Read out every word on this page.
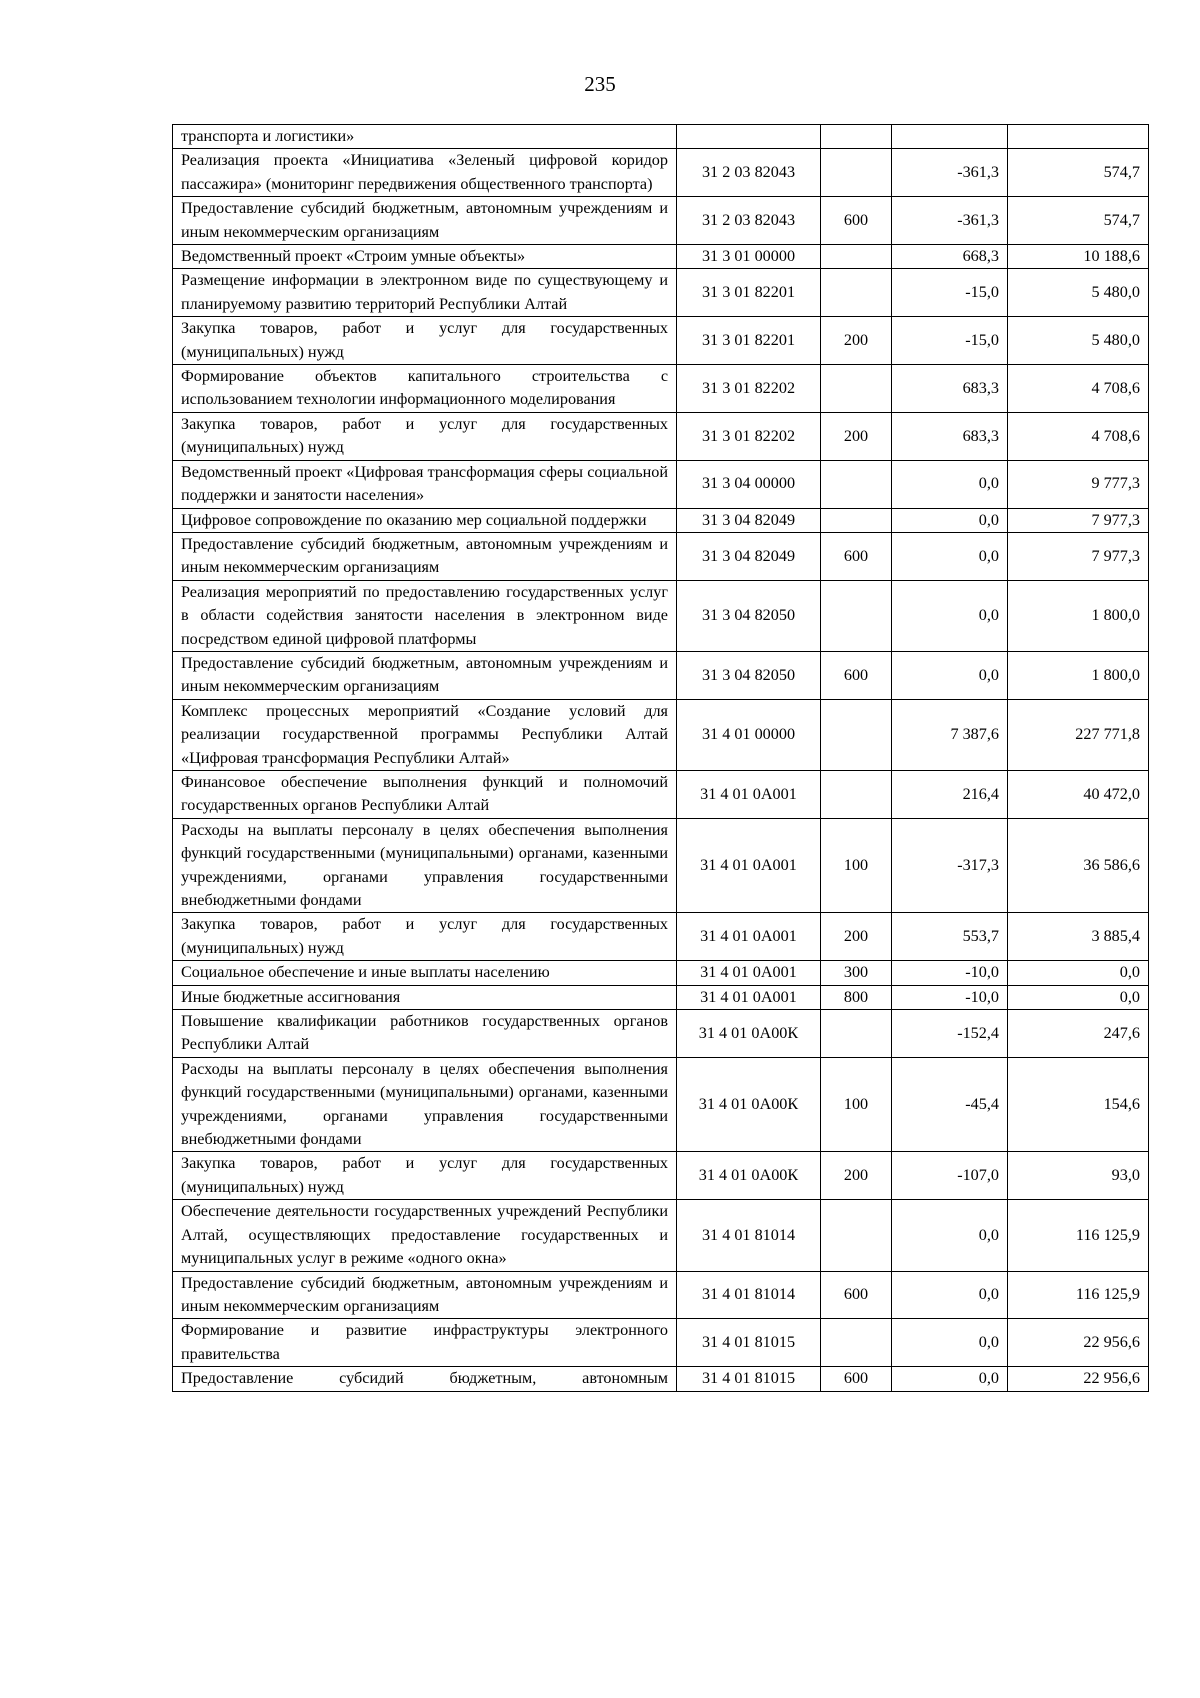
235
транспорта и логистики»				
Реализация проекта «Инициатива «Зеленый цифровой коридор пассажира» (мониторинг передвижения общественного транспорта)	31 2 03 82043		-361,3	574,7
Предоставление субсидий бюджетным, автономным учреждениям и иным некоммерческим организациям	31 2 03 82043	600	-361,3	574,7
Ведомственный проект «Строим умные объекты»	31 3 01 00000		668,3	10 188,6
Размещение информации в электронном виде по существующему и планируемому развитию территорий Республики Алтай	31 3 01 82201		-15,0	5 480,0
Закупка товаров, работ и услуг для государственных (муниципальных) нужд	31 3 01 82201	200	-15,0	5 480,0
Формирование объектов капитального строительства с использованием технологии информационного моделирования	31 3 01 82202		683,3	4 708,6
Закупка товаров, работ и услуг для государственных (муниципальных) нужд	31 3 01 82202	200	683,3	4 708,6
Ведомственный проект «Цифровая трансформация сферы социальной поддержки и занятости населения»	31 3 04 00000		0,0	9 777,3
Цифровое сопровождение по оказанию мер социальной поддержки	31 3 04 82049		0,0	7 977,3
Предоставление субсидий бюджетным, автономным учреждениям и иным некоммерческим организациям	31 3 04 82049	600	0,0	7 977,3
Реализация мероприятий по предоставлению государственных услуг в области содействия занятости населения в электронном виде посредством единой цифровой платформы	31 3 04 82050		0,0	1 800,0
Предоставление субсидий бюджетным, автономным учреждениям и иным некоммерческим организациям	31 3 04 82050	600	0,0	1 800,0
Комплекс процессных мероприятий «Создание условий для реализации государственной программы Республики Алтай «Цифровая трансформация Республики Алтай»	31 4 01 00000		7 387,6	227 771,8
Финансовое обеспечение выполнения функций и полномочий государственных органов Республики Алтай	31 4 01 0А001		216,4	40 472,0
Расходы на выплаты персоналу в целях обеспечения выполнения функций государственными (муниципальными) органами, казенными учреждениями, органами управления государственными внебюджетными фондами	31 4 01 0А001	100	-317,3	36 586,6
Закупка товаров, работ и услуг для государственных (муниципальных) нужд	31 4 01 0А001	200	553,7	3 885,4
Социальное обеспечение и иные выплаты населению	31 4 01 0А001	300	-10,0	0,0
Иные бюджетные ассигнования	31 4 01 0А001	800	-10,0	0,0
Повышение квалификации работников государственных органов Республики Алтай	31 4 01 0А00К		-152,4	247,6
Расходы на выплаты персоналу в целях обеспечения выполнения функций государственными (муниципальными) органами, казенными учреждениями, органами управления государственными внебюджетными фондами	31 4 01 0А00К	100	-45,4	154,6
Закупка товаров, работ и услуг для государственных (муниципальных) нужд	31 4 01 0А00К	200	-107,0	93,0
Обеспечение деятельности государственных учреждений Республики Алтай, осуществляющих предоставление государственных и муниципальных услуг в режиме «одного окна»	31 4 01 81014		0,0	116 125,9
Предоставление субсидий бюджетным, автономным учреждениям и иным некоммерческим организациям	31 4 01 81014	600	0,0	116 125,9
Формирование и развитие инфраструктуры электронного правительства	31 4 01 81015		0,0	22 956,6
Предоставление субсидий бюджетным, автономным	31 4 01 81015	600	0,0	22 956,6
